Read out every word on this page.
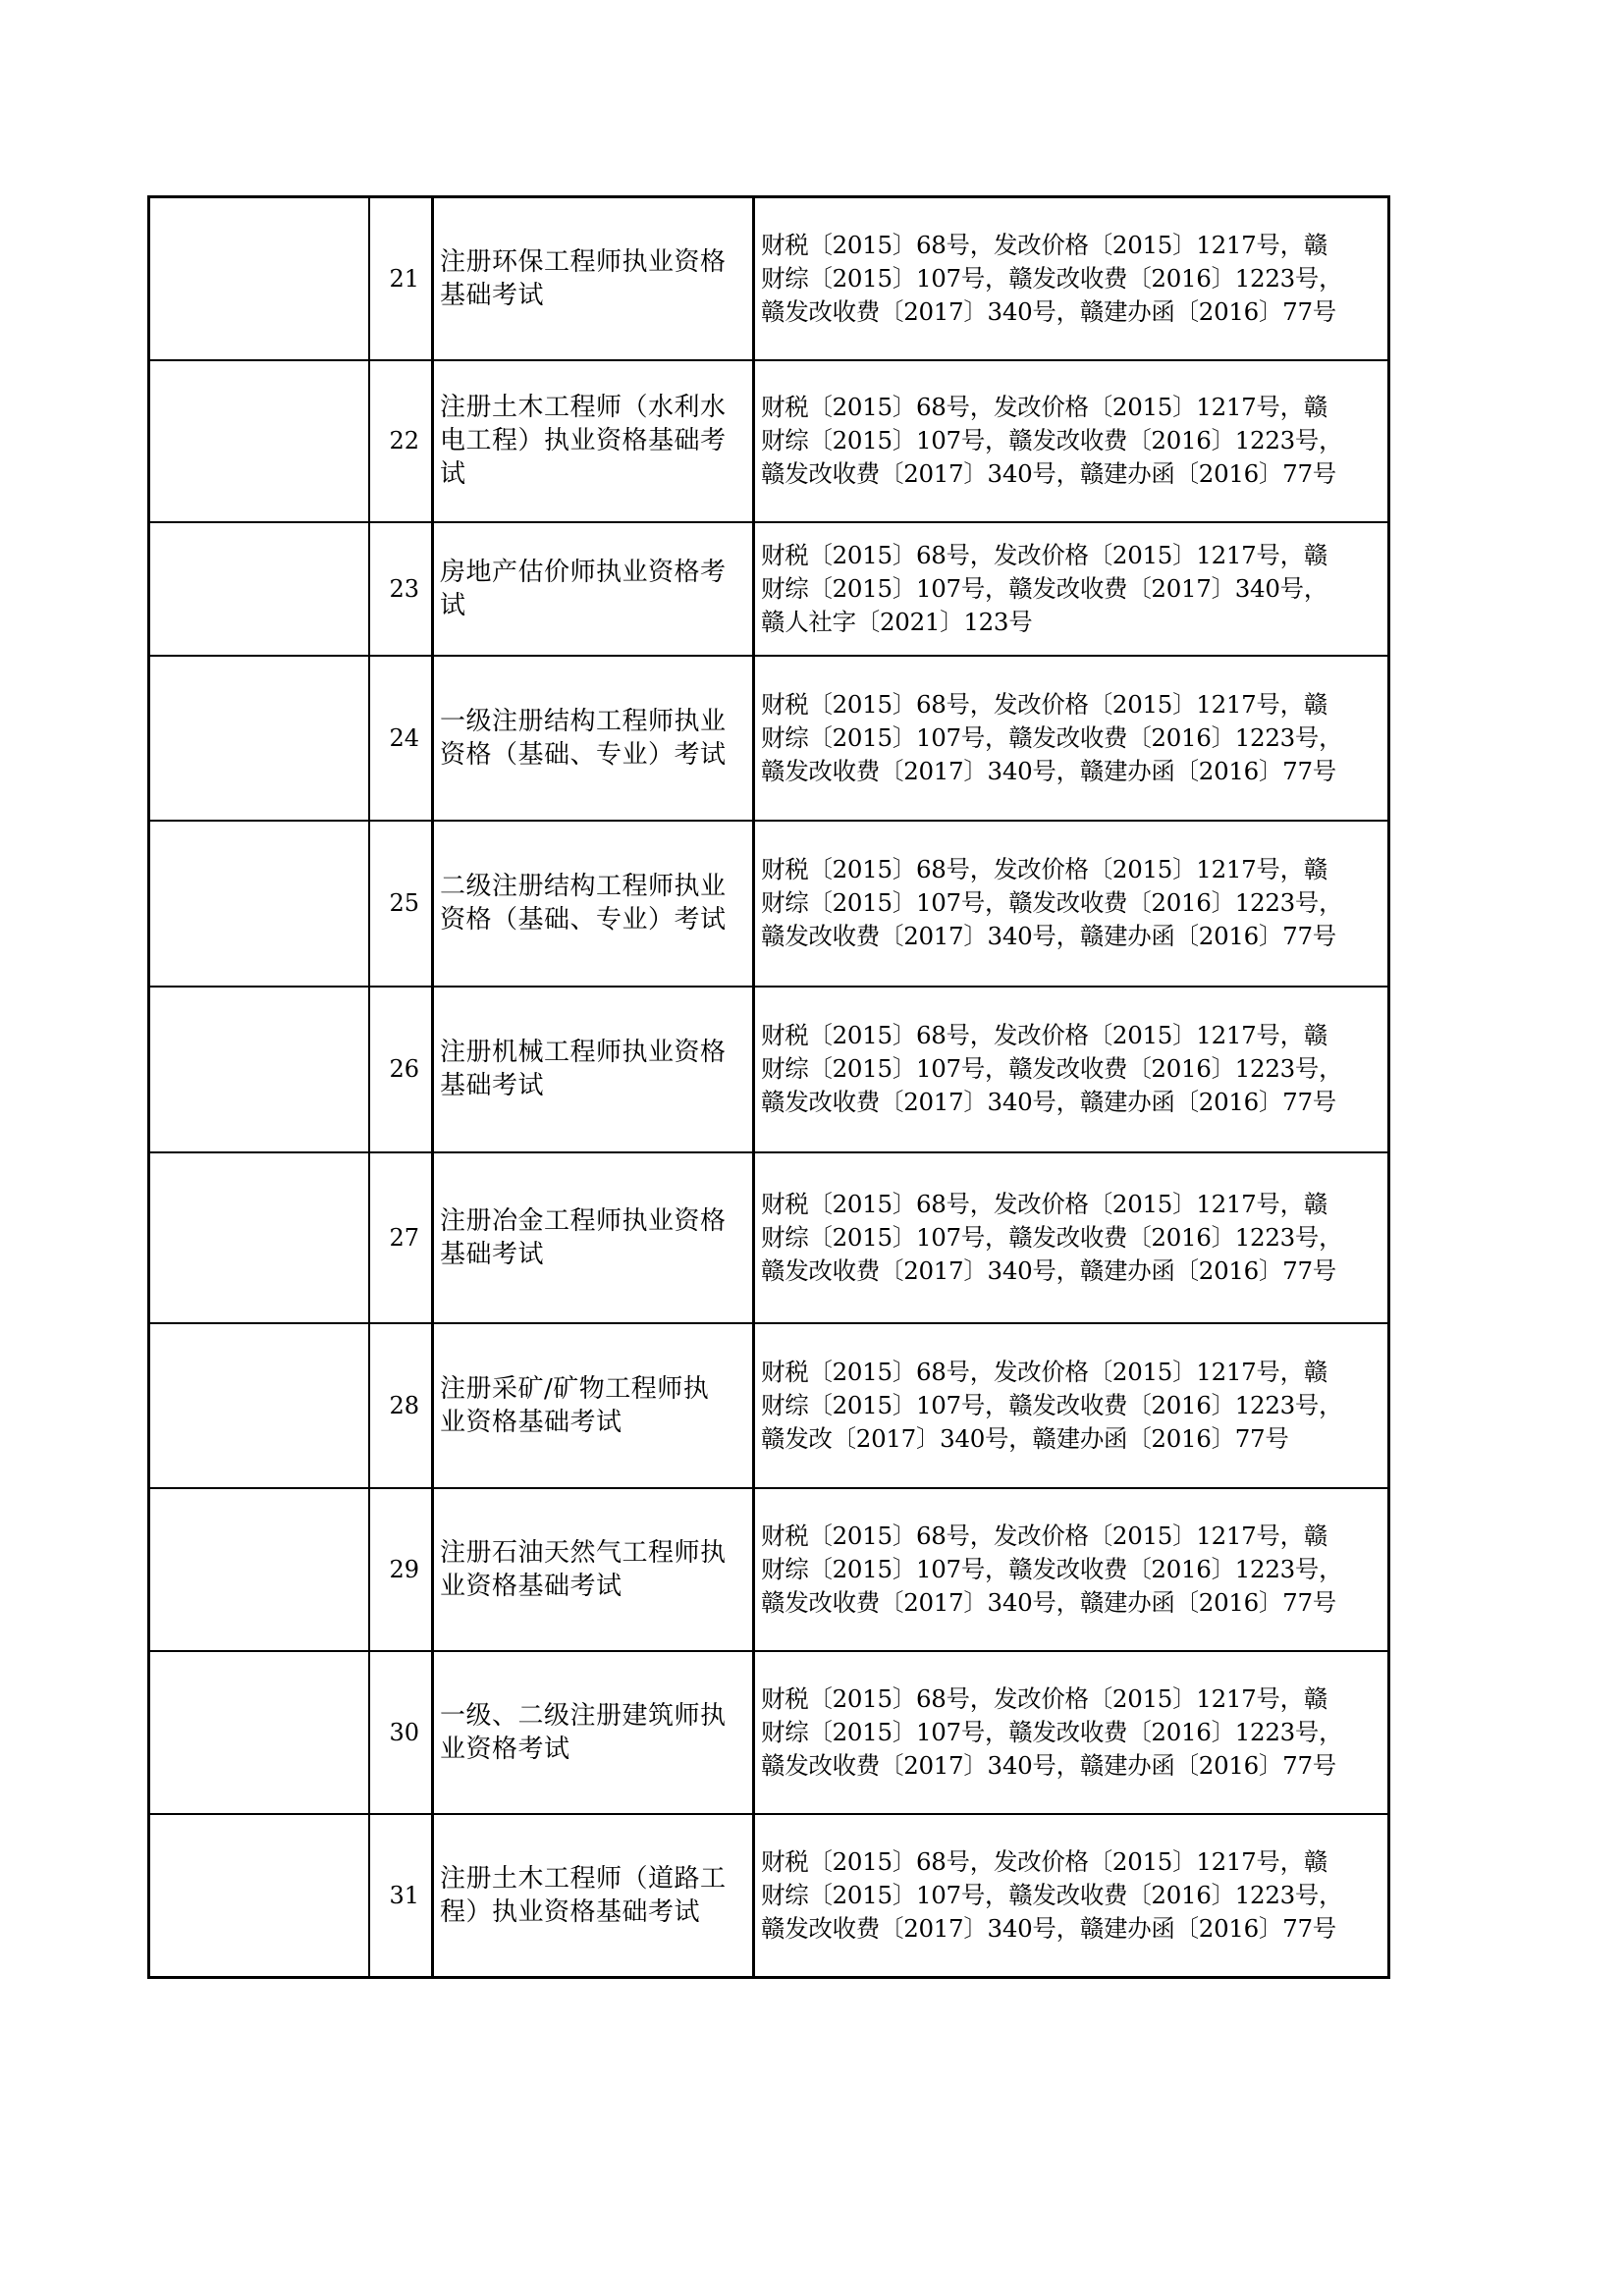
	21	注册环保工程师执业资格
基础考试	财税〔2015〕68号，发改价格〔2015〕1217号，赣
财综〔2015〕107号，赣发改收费〔2016〕1223号，
赣发改收费〔2017〕340号，赣建办函〔2016〕77号

	22	注册土木工程师（水利水
电工程）执业资格基础考
试	财税〔2015〕68号，发改价格〔2015〕1217号，赣
财综〔2015〕107号，赣发改收费〔2016〕1223号，
赣发改收费〔2017〕340号，赣建办函〔2016〕77号

	23	房地产估价师执业资格考
试	财税〔2015〕68号，发改价格〔2015〕1217号，赣
财综〔2015〕107号，赣发改收费〔2017〕340号，
赣人社字〔2021〕123号

	24	一级注册结构工程师执业
资格（基础、专业）考试	财税〔2015〕68号，发改价格〔2015〕1217号，赣
财综〔2015〕107号，赣发改收费〔2016〕1223号，
赣发改收费〔2017〕340号，赣建办函〔2016〕77号

	25	二级注册结构工程师执业
资格（基础、专业）考试	财税〔2015〕68号，发改价格〔2015〕1217号，赣
财综〔2015〕107号，赣发改收费〔2016〕1223号，
赣发改收费〔2017〕340号，赣建办函〔2016〕77号

	26	注册机械工程师执业资格
基础考试	财税〔2015〕68号，发改价格〔2015〕1217号，赣
财综〔2015〕107号，赣发改收费〔2016〕1223号，
赣发改收费〔2017〕340号，赣建办函〔2016〕77号

	27	注册冶金工程师执业资格
基础考试	财税〔2015〕68号，发改价格〔2015〕1217号，赣
财综〔2015〕107号，赣发改收费〔2016〕1223号，
赣发改收费〔2017〕340号，赣建办函〔2016〕77号

	28	注册采矿/矿物工程师执
业资格基础考试	财税〔2015〕68号，发改价格〔2015〕1217号，赣
财综〔2015〕107号，赣发改收费〔2016〕1223号，
赣发改〔2017〕340号，赣建办函〔2016〕77号

	29	注册石油天然气工程师执
业资格基础考试	财税〔2015〕68号，发改价格〔2015〕1217号，赣
财综〔2015〕107号，赣发改收费〔2016〕1223号，
赣发改收费〔2017〕340号，赣建办函〔2016〕77号

	30	一级、二级注册建筑师执
业资格考试	财税〔2015〕68号，发改价格〔2015〕1217号，赣
财综〔2015〕107号，赣发改收费〔2016〕1223号，
赣发改收费〔2017〕340号，赣建办函〔2016〕77号

	31	注册土木工程师（道路工
程）执业资格基础考试	财税〔2015〕68号，发改价格〔2015〕1217号，赣
财综〔2015〕107号，赣发改收费〔2016〕1223号，
赣发改收费〔2017〕340号，赣建办函〔2016〕77号
